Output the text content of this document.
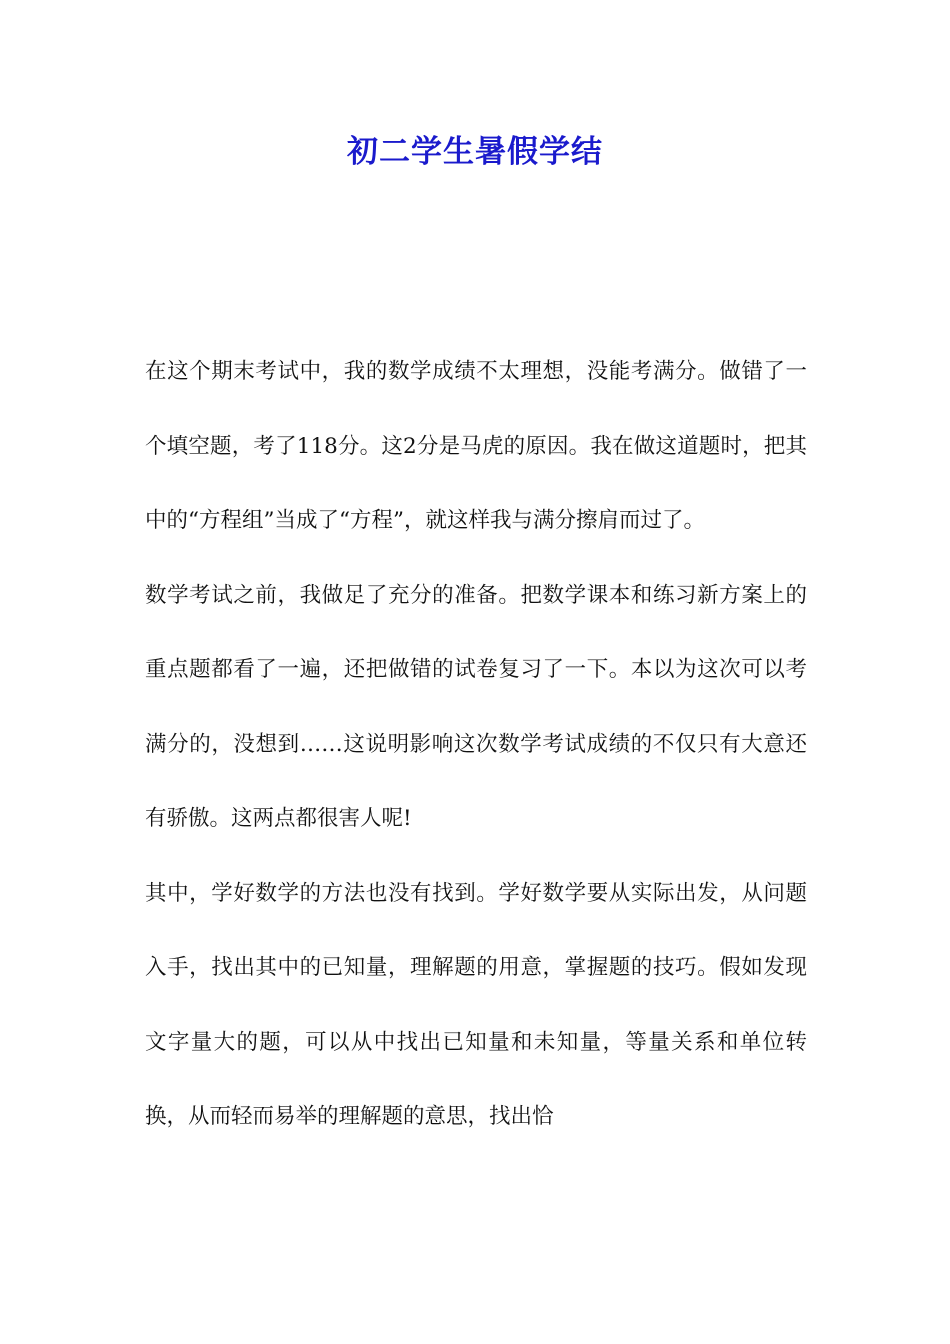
初二学生暑假学结

在这个期末考试中，我的数学成绩不太理想，没能考满分。做错了一个填空题，考了118分。这2分是马虎的原因。我在做这道题时，把其中的“方程组”当成了“方程”，就这样我与满分擦肩而过了。

数学考试之前，我做足了充分的准备。把数学课本和练习新方案上的重点题都看了一遍，还把做错的试卷复习了一下。本以为这次可以考满分的，没想到……这说明影响这次数学考试成绩的不仅只有大意还有骄傲。这两点都很害人呢!

其中，学好数学的方法也没有找到。学好数学要从实际出发，从问题入手，找出其中的已知量，理解题的用意，掌握题的技巧。假如发现文字量大的题，可以从中找出已知量和未知量，等量关系和单位转换，从而轻而易举的理解题的意思，找出恰
